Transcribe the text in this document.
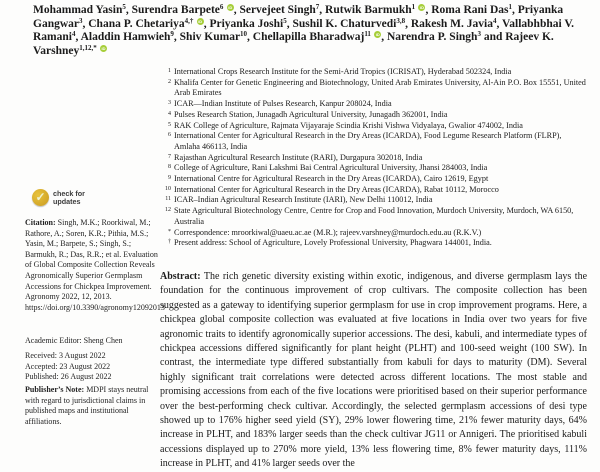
Mohammad Yasin$^5$, Surendra Barpete$^6$  iD , Servejeet Singh$^7$, Rutwik Barmukh$^1$  iD , Roma Rani Das$^1$, Priyanka Gangwar$^3$, Chana P. Chetariya$^{4,\dagger}$  iD , Priyanka Joshi$^5$, Sushil K. Chaturvedi$^{3,8}$, Rakesh M. Javia$^4$, Vallabhbhai V. Ramani$^4$, Aladdin Hamwieh$^9$, Shiv Kumar$^{10}$, Chellapilla Bharadwaj$^{11}$  iD , Narendra P. Singh$^3$ and Rajeev K. Varshney$^{1,12,*}$  iD
1 International Crops Research Institute for the Semi-Arid Tropics (ICRISAT), Hyderabad 502324, India
2 Khalifa Center for Genetic Engineering and Biotechnology, United Arab Emirates University, Al-Ain P.O. Box 15551, United Arab Emirates
3 ICAR—Indian Institute of Pulses Research, Kanpur 208024, India
4 Pulses Research Station, Junagadh Agricultural University, Junagadh 362001, India
5 RAK College of Agriculture, Rajmata Vijayaraje Scindia Krishi Vishwa Vidyalaya, Gwalior 474002, India
6 International Center for Agricultural Research in the Dry Areas (ICARDA), Food Legume Research Platform (FLRP), Amlaha 466113, India
7 Rajasthan Agricultural Research Institute (RARI), Durgapura 302018, India
8 College of Agriculture, Rani Lakshmi Bai Central Agricultural University, Jhansi 284003, India
9 International Centre for Agricultural Research in the Dry Areas (ICARDA), Cairo 12619, Egypt
10 International Center for Agricultural Research in the Dry Areas (ICARDA), Rabat 10112, Morocco
11 ICAR–Indian Agricultural Research Institute (IARI), New Delhi 110012, India
12 State Agricultural Biotechnology Centre, Centre for Crop and Food Innovation, Murdoch University, Murdoch, WA 6150, Australia
* Correspondence: mroorkiwal@uaeu.ac.ae (M.R.); rajeev.varshney@murdoch.edu.au (R.K.V.)
† Present address: School of Agriculture, Lovely Professional University, Phagwara 144001, India.
Abstract: The rich genetic diversity existing within exotic, indigenous, and diverse germplasm lays the foundation for the continuous improvement of crop cultivars. The composite collection has been suggested as a gateway to identifying superior germplasm for use in crop improvement programs. Here, a chickpea global composite collection was evaluated at five locations in India over two years for five agronomic traits to identify agronomically superior accessions. The desi, kabuli, and intermediate types of chickpea accessions differed significantly for plant height (PLHT) and 100-seed weight (100 SW). In contrast, the intermediate type differed substantially from kabuli for days to maturity (DM). Several highly significant trait correlations were detected across different locations. The most stable and promising accessions from each of the five locations were prioritised based on their superior performance over the best-performing check cultivar. Accordingly, the selected germplasm accessions of desi type showed up to 176% higher seed yield (SY), 29% lower flowering time, 21% fewer maturity days, 64% increase in PLHT, and 183% larger seeds than the check cultivar JG11 or Annigeri. The prioritised kabuli accessions displayed up to 270% more yield, 13% less flowering time, 8% fewer maturity days, 111% increase in PLHT, and 41% larger seeds over the
✓	check for
updates
Citation: Singh, M.K.; Roorkiwal, M.; Rathore, A.; Soren, K.R.; Pithia, M.S.; Yasin, M.; Barpete, S.; Singh, S.; Barmukh, R.; Das, R.R.; et al. Evaluation of Global Composite Collection Reveals Agronomically Superior Germplasm Accessions for Chickpea Improvement. Agronomy 2022, 12, 2013. https://doi.org/10.3390/agronomy12092013
Academic Editor: Sheng Chen
Received: 3 August 2022
Accepted: 23 August 2022
Published: 26 August 2022
Publisher’s Note: MDPI stays neutral with regard to jurisdictional claims in published maps and institutional affiliations.
